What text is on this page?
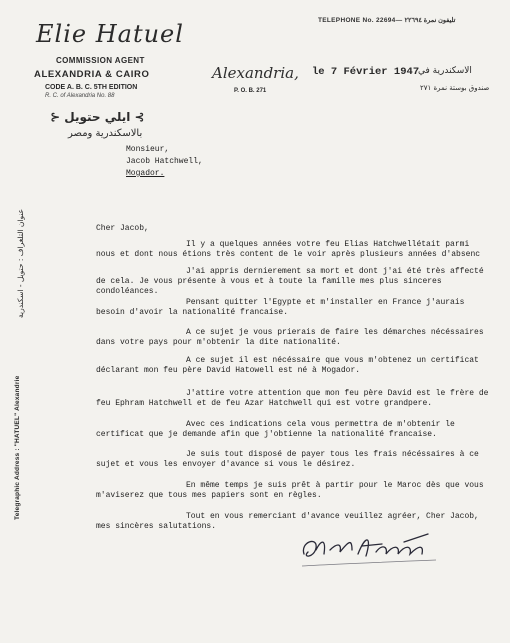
Elie Hatuel
COMMISSION AGENT
ALEXANDRIA & CAIRO
CODE A. B. C. 5TH EDITION
R. C. of Alexandria No. 88
⊱ ايلي حتويل ⊰
بالاسكندرية ومصر
TELEPHONE No. 22694— تليفون نمرة ٢٢٦٩٤
Alexandria,
P. O. B. 271
le 7 Février 1947
الاسكندرية في
صندوق بوستة نمرة ٢٧١
Telegraphic Address : "HATUEL" Alexandrie
عنوان التلغراف : حتويل - اسكندرية
Monsieur,
Jacob Hatchwell,
Mogador.
Cher Jacob,
Il y a quelques années votre feu Elias Hatchwellétait parmi
nous et dont nous étions très content de le voir après plusieurs années d'absenc
J'ai appris dernierement sa mort et dont j'ai été très affecté
de cela. Je vous présente à vous et à toute la famille mes plus sinceres
condoléances.
Pensant quitter l'Egypte et m'installer en France j'aurais
besoin d'avoir la nationalité francaise.
A ce sujet je vous prierais de faire les démarches nécéssaires
dans votre pays pour m'obtenir la dite nationalité.
A ce sujet il est nécéssaire que vous m'obtenez un certificat
déclarant mon feu père David Hatowell est né à Mogador.
J'attire votre attention que mon feu père David est le frère de
feu Ephram Hatchwell et de feu Azar Hatchwell qui est votre grandpere.
Avec ces indications cela vous permettra de m'obtenir le
certificat que je demande afin que j'obtienne la nationalité francaise.
Je suis tout disposé de payer tous les frais nécéssaires à ce
sujet et vous les envoyer d'avance si vous le désirez.
En même temps je suis prêt à partir pour le Maroc dès que vous
m'aviserez que tous mes papiers sont en règles.
Tout en vous remerciant d'avance veuillez agréer, Cher Jacob,
mes sincères salutations.
